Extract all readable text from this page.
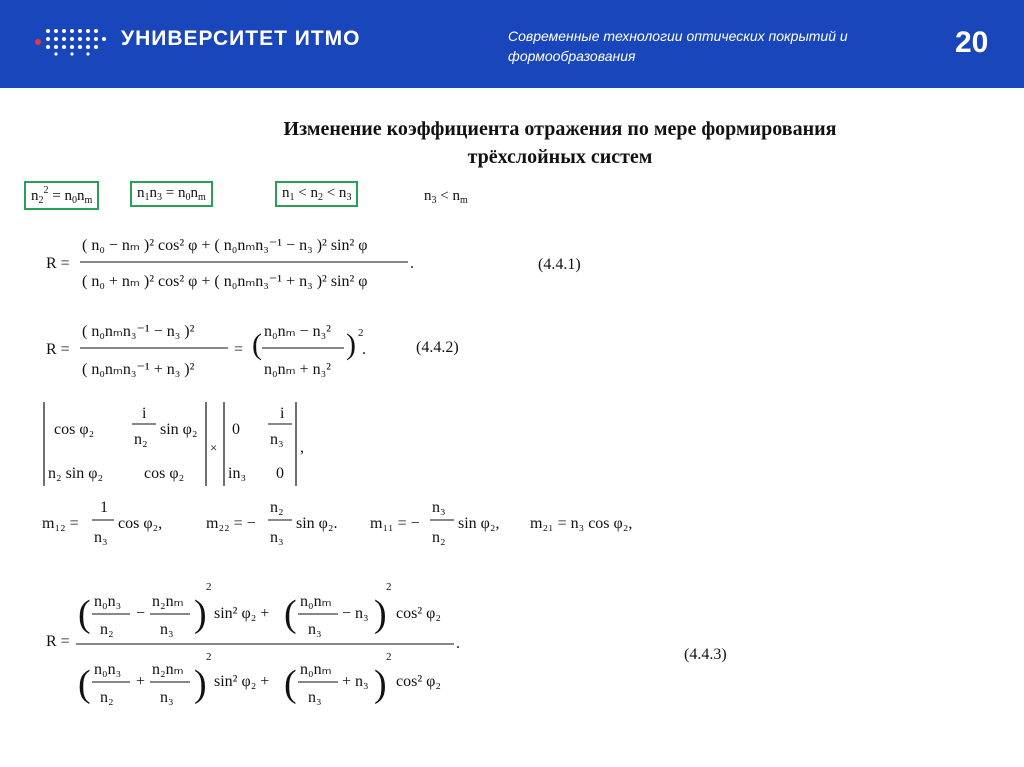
УНИВЕРСИТЕТ ИТМО	Современные технологии оптических покрытий и формообразования	20
Изменение коэффициента отражения по мере формирования
трёхслойных систем
$n_2^2 = n_0n_m$	$n_1n_3 = n_0n_m$	$n_1 < n_2 < n_3$	$n_3 < n_m$
R =
( n₀ − nₘ )² cos² φ + ( n₀nₘn₃⁻¹ − n₃ )² sin² φ
( n₀ + nₘ )² cos² φ + ( n₀nₘn₃⁻¹ + n₃ )² sin² φ
.	(4.4.1)
R =
( n₀nₘn₃⁻¹ − n₃ )²
( n₀nₘn₃⁻¹ + n₃ )²
= ( n₀nₘ − n₃²
n₀nₘ + n₃²
) 2
.	(4.4.2)
cos φ₂
i
n₂
sin φ₂
n₂ sin φ₂	cos φ₂
×
0
i
n₃
in₃ 0
,
m₁₂ =
1
n₃
cos φ₂,	m₂₂ = −
n₂
n₃
sin φ₂. m₁₁ = −
n₃
n₂
sin φ₂, m₂₁ = n₃ cos φ₂,
R =
( n₀n₃
n₂
−
n₂nₘ
n₃ )
2
sin² φ₂ + ( n₀nₘ
n₃
− n₃ )
2
cos² φ₂
.
( n₀n₃
n₂
+
n₂nₘ
n₃ )
2
sin² φ₂ + ( n₀nₘ
n₃
+ n₃ )
2
cos² φ₂
(4.4.3)
